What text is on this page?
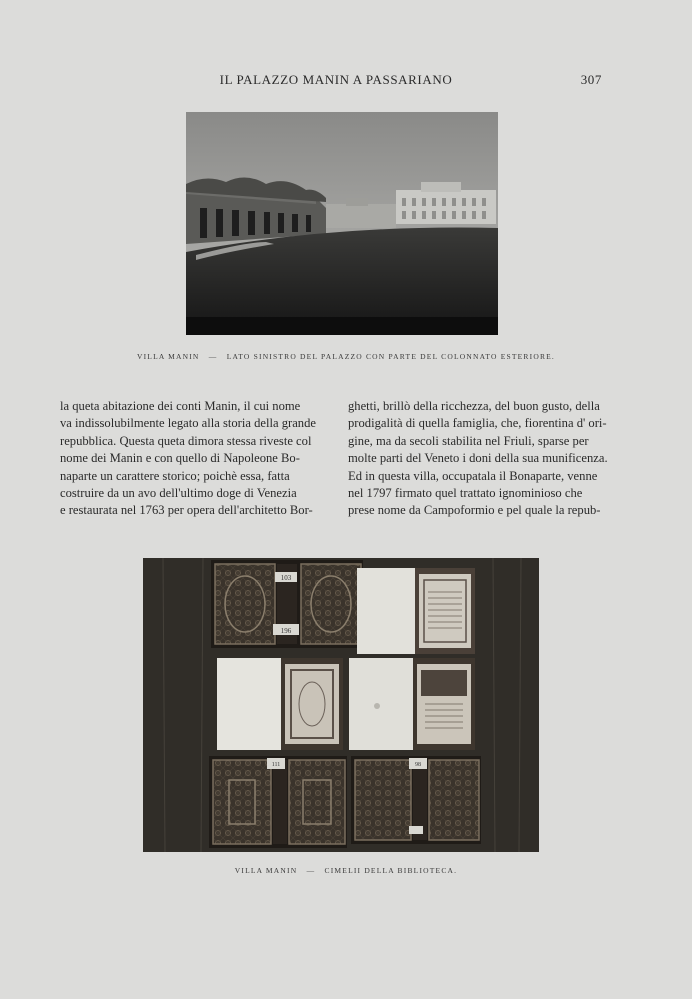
IL PALAZZO MANIN A PASSARIANO	307
VILLA MANIN — LATO SINISTRO DEL PALAZZO CON PARTE DEL COLONNATO ESTERIORE.
la queta abitazione dei conti Manin, il cui nome
va indissolubilmente legato alla storia della grande
repubblica. Questa queta dimora stessa riveste col
nome dei Manin e con quello di Napoleone Bo-
naparte un carattere storico; poichè essa, fatta
costruire da un avo dell'ultimo doge di Venezia
e restaurata nel 1763 per opera dell'architetto Bor-
ghetti, brillò della ricchezza, del buon gusto, della
prodigalità di quella famiglia, che, fiorentina d' ori-
gine, ma da secoli stabilita nel Friuli, sparse per
molte parti del Veneto i doni della sua munificenza.
Ed in questa villa, occupatala il Bonaparte, venne
nel 1797 firmato quel trattato ignominioso che
prese nome da Campoformio e pel quale la repub-
103
196
111	98
VILLA MANIN — CIMELII DELLA BIBLIOTECA.
